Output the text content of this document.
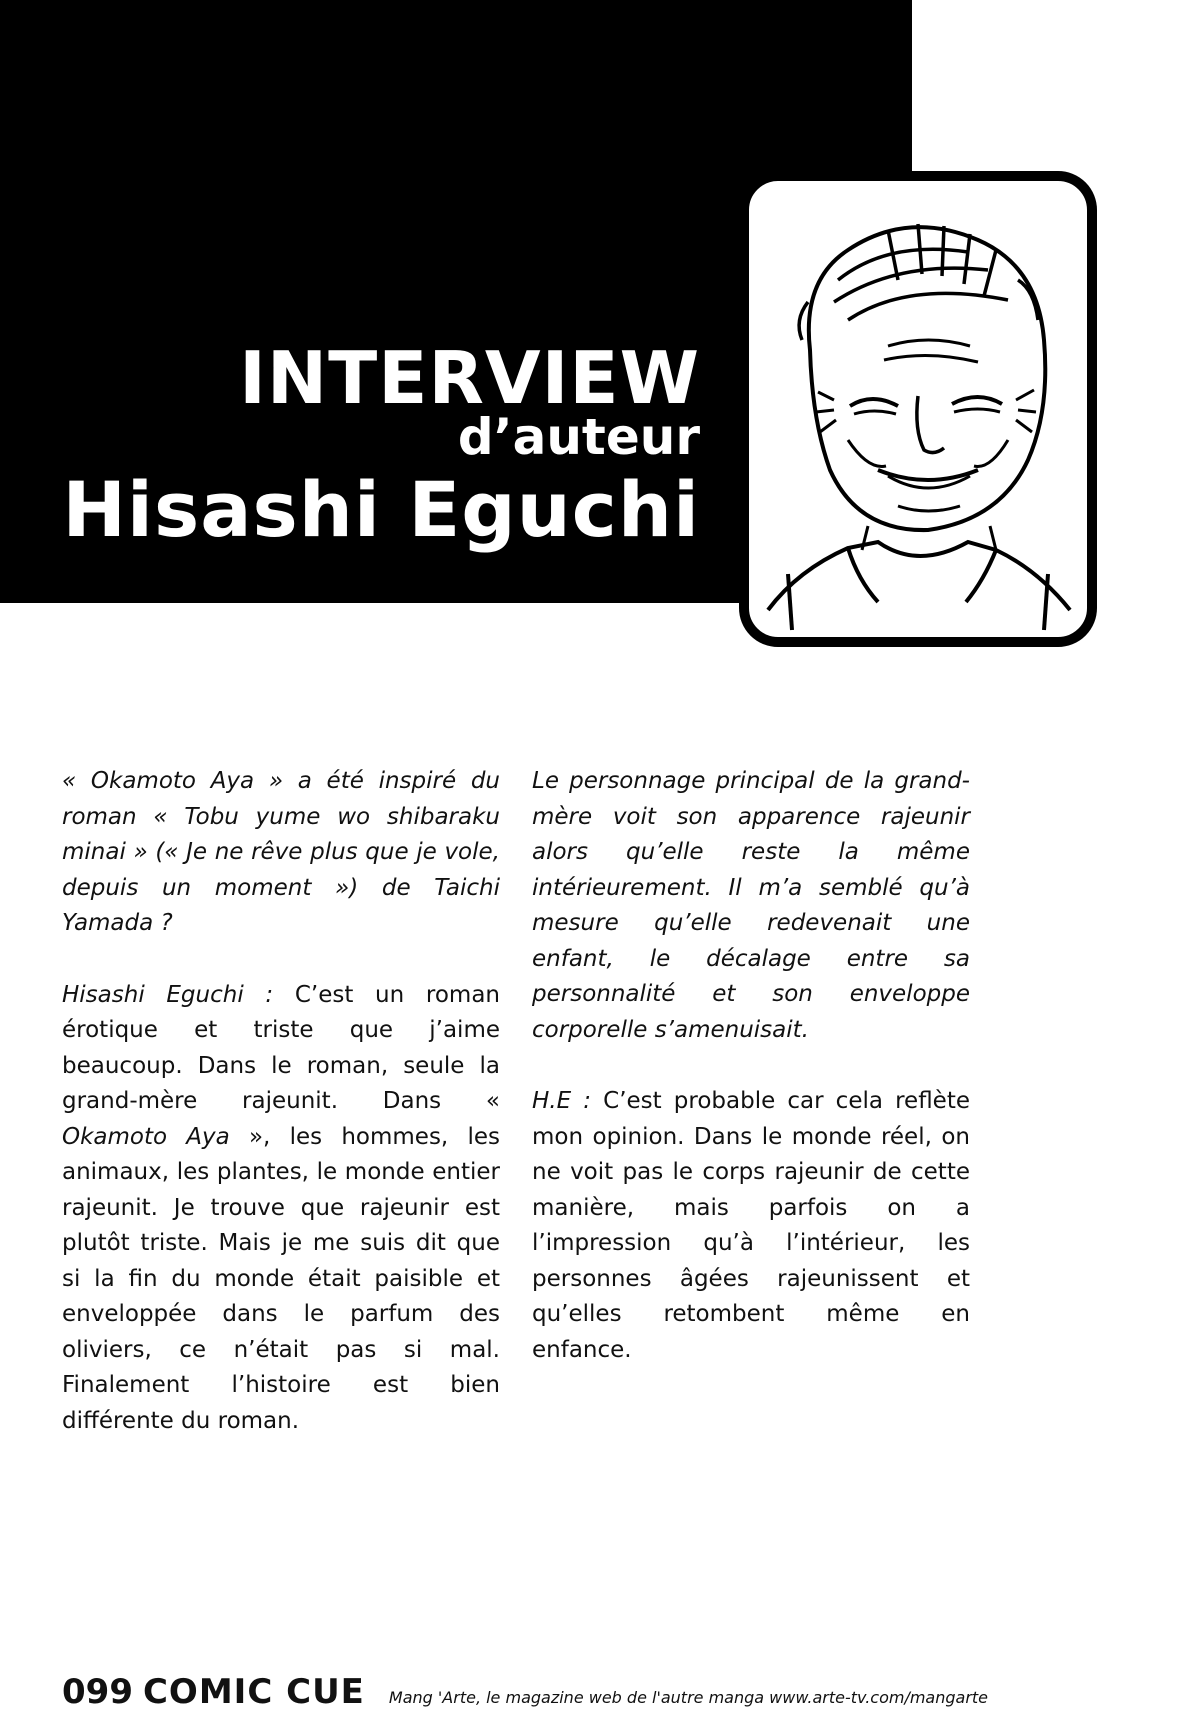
INTERVIEW
d’auteur
Hisashi Eguchi

« Okamoto Aya » a été inspiré du roman « Tobu yume wo shibaraku minai » (« Je ne rêve plus que je vole, depuis un moment ») de Taichi Yamada ?

Hisashi Eguchi : C’est un roman érotique et triste que j’aime beaucoup. Dans le roman, seule la grand-mère rajeunit. Dans « Okamoto Aya », les hommes, les animaux, les plantes, le monde entier rajeunit. Je trouve que rajeunir est plutôt triste. Mais je me suis dit que si la fin du monde était paisible et enveloppée dans le parfum des oliviers, ce n’était pas si mal. Finalement l’histoire est bien différente du roman.

Le personnage principal de la grand-mère voit son apparence rajeunir alors qu’elle reste la même intérieurement. Il m’a semblé qu’à mesure qu’elle redevenait une enfant, le décalage entre sa personnalité et son enveloppe corporelle s’amenuisait.

H.E : C’est probable car cela reflète mon opinion. Dans le monde réel, on ne voit pas le corps rajeunir de cette manière, mais parfois on a l’impression qu’à l’intérieur, les personnes âgées rajeunissent et qu’elles retombent même en enfance.

099 COMIC CUE Mang 'Arte, le magazine web de l'autre manga www.arte-tv.com/mangarte
